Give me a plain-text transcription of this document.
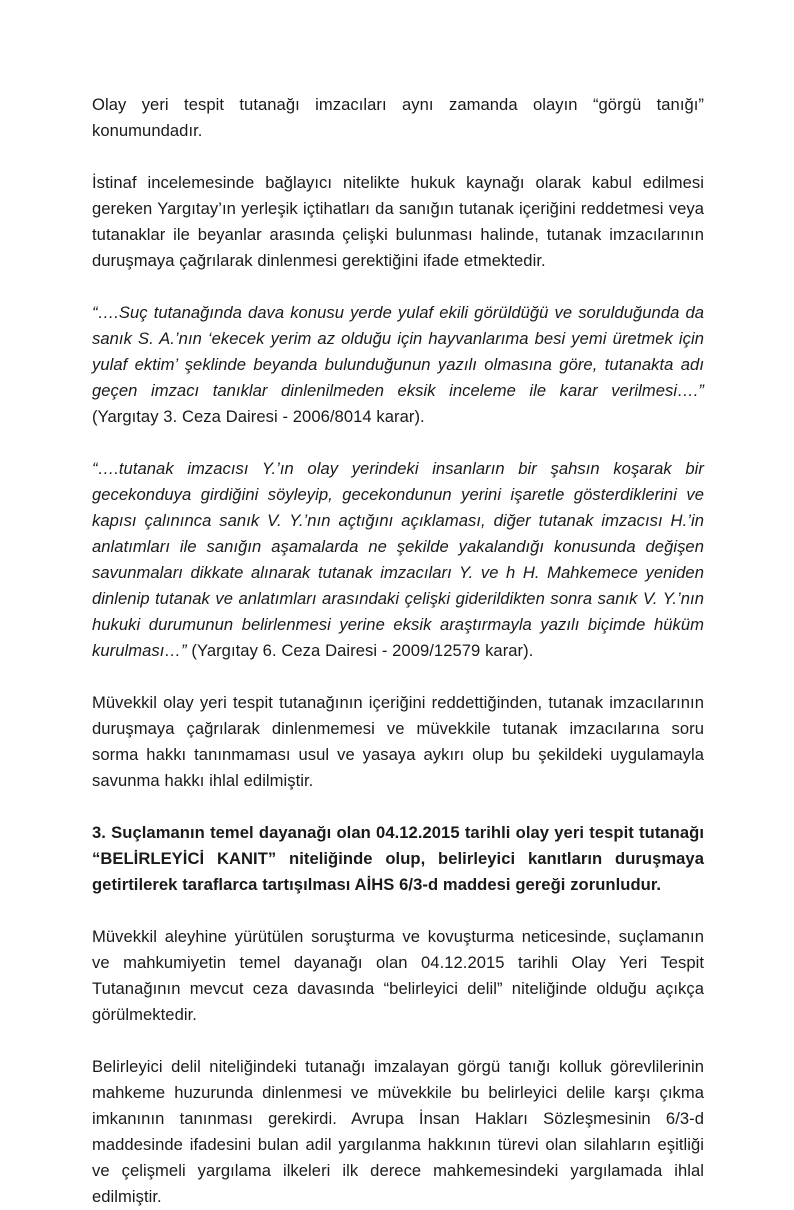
Olay yeri tespit tutanağı imzacıları aynı zamanda olayın “görgü tanığı” konumundadır.

İstinaf incelemesinde bağlayıcı nitelikte hukuk kaynağı olarak kabul edilmesi gereken Yargıtay’ın yerleşik içtihatları da sanığın tutanak içeriğini reddetmesi veya tutanaklar ile beyanlar arasında çelişki bulunması halinde, tutanak imzacılarının duruşmaya çağrılarak dinlenmesi gerektiğini ifade etmektedir.

“….Suç tutanağında dava konusu yerde yulaf ekili görüldüğü ve sorulduğunda da sanık S. A.’nın ‘ekecek yerim az olduğu için hayvanlarıma besi yemi üretmek için yulaf ektim’ şeklinde beyanda bulunduğunun yazılı olmasına göre, tutanakta adı geçen imzacı tanıklar dinlenilmeden eksik inceleme ile karar verilmesi….” (Yargıtay 3. Ceza Dairesi - 2006/8014 karar).

“….tutanak imzacısı Y.’ın olay yerindeki insanların bir şahsın koşarak bir gecekonduya girdiğini söyleyip, gecekondunun yerini işaretle gösterdiklerini ve kapısı çalınınca sanık V. Y.’nın açtığını açıklaması, diğer tutanak imzacısı H.’in anlatımları ile sanığın aşamalarda ne şekilde yakalandığı konusunda değişen savunmaları dikkate alınarak tutanak imzacıları Y. ve h H. Mahkemece yeniden dinlenip tutanak ve anlatımları arasındaki çelişki giderildikten sonra sanık V. Y.’nın hukuki durumunun belirlenmesi yerine eksik araştırmayla yazılı biçimde hüküm kurulması…” (Yargıtay 6. Ceza Dairesi - 2009/12579 karar).

Müvekkil olay yeri tespit tutanağının içeriğini reddettiğinden, tutanak imzacılarının duruşmaya çağrılarak dinlenmemesi ve müvekkile tutanak imzacılarına soru sorma hakkı tanınmaması usul ve yasaya aykırı olup bu şekildeki uygulamayla savunma hakkı ihlal edilmiştir.

3. Suçlamanın temel dayanağı olan 04.12.2015 tarihli olay yeri tespit tutanağı “BELİRLEYİCİ KANIT” niteliğinde olup, belirleyici kanıtların duruşmaya getirtilerek taraflarca tartışılması AİHS 6/3-d maddesi gereği zorunludur.

Müvekkil aleyhine yürütülen soruşturma ve kovuşturma neticesinde, suçlamanın ve mahkumiyetin temel dayanağı olan 04.12.2015 tarihli Olay Yeri Tespit Tutanağının mevcut ceza davasında “belirleyici delil” niteliğinde olduğu açıkça görülmektedir.

Belirleyici delil niteliğindeki tutanağı imzalayan görgü tanığı kolluk görevlilerinin mahkeme huzurunda dinlenmesi ve müvekkile bu belirleyici delile karşı çıkma imkanının tanınması gerekirdi. Avrupa İnsan Hakları Sözleşmesinin 6/3-d maddesinde ifadesini bulan adil yargılanma hakkının türevi olan silahların eşitliği ve çelişmeli yargılama ilkeleri ilk derece mahkemesindeki yargılamada ihlal edilmiştir.
